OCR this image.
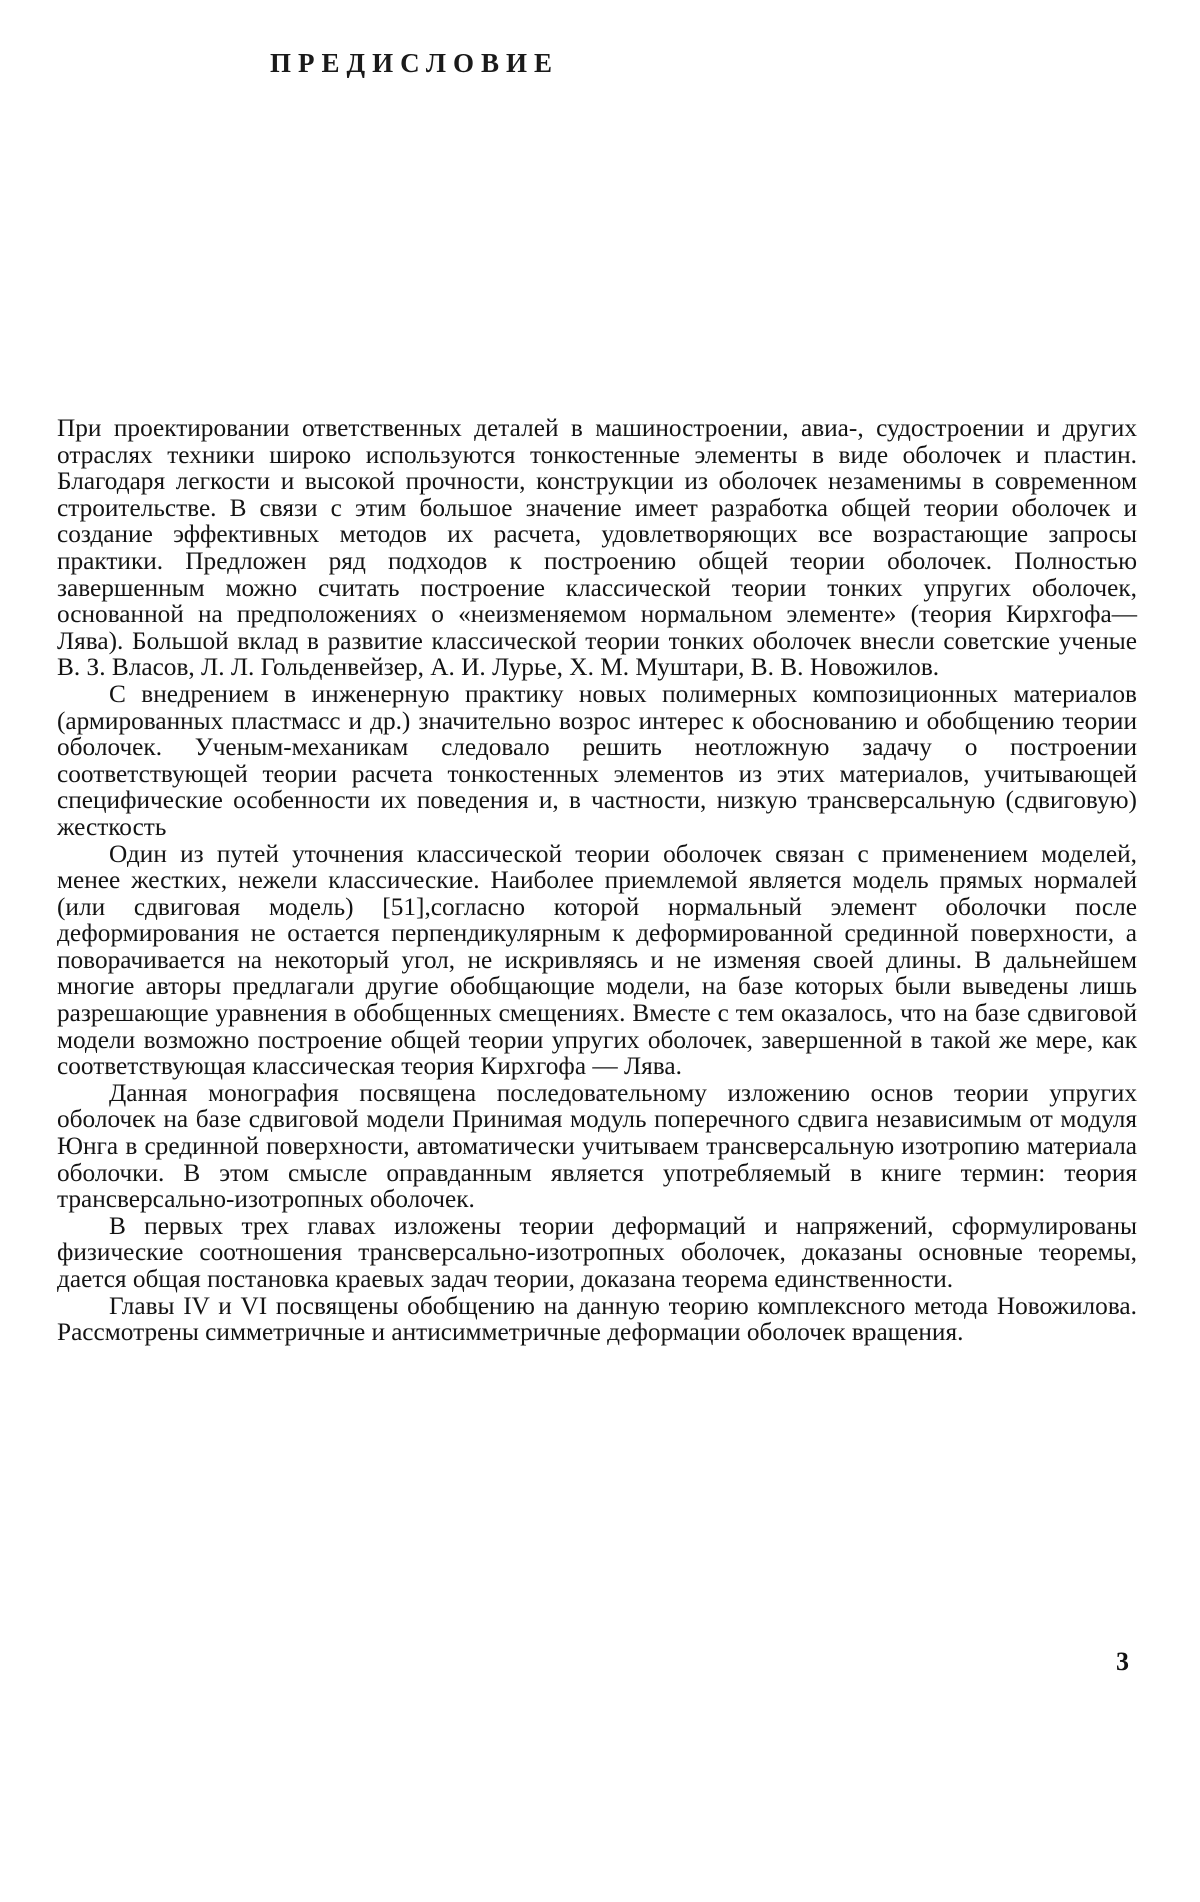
ПРЕДИСЛОВИЕ

При проектировании ответственных деталей в машиностроении, авиа-, судостроении и других отраслях техники широко используются тонкостенные элементы в виде оболочек и пластин. Благодаря легкости и высокой прочности, конструкции из оболочек незаменимы в современном строительстве. В связи с этим большое значение имеет разработка общей теории оболочек и создание эффективных методов их расчета, удовлетворяющих все возрастающие запросы практики. Предложен ряд подходов к построению общей теории оболочек. Полностью завершенным можно считать построение классической теории тонких упругих оболочек, основанной на предположениях о «неизменяемом нормальном элементе» (теория Кирхгофа—Лява). Большой вклад в развитие классической теории тонких оболочек внесли советские ученые В. З. Власов, Л. Л. Гольденвейзер, А. И. Лурье, Х. М. Муштари, В. В. Новожилов.

С внедрением в инженерную практику новых полимерных композиционных материалов (армированных пластмасс и др.) значительно возрос интерес к обоснованию и обобщению теории оболочек. Ученым-механикам следовало решить неотложную задачу о построении соответствующей теории расчета тонкостенных элементов из этих материалов, учитывающей специфические особенности их поведения и, в частности, низкую трансверсальную (сдвиговую) жесткость

Один из путей уточнения классической теории оболочек связан с применением моделей, менее жестких, нежели классические. Наиболее приемлемой является модель прямых нормалей (или сдвиговая модель) [51],согласно которой нормальный элемент оболочки после деформирования не остается перпендикулярным к деформированной срединной поверхности, а поворачивается на некоторый угол, не искривляясь и не изменяя своей длины. В дальнейшем многие авторы предлагали другие обобщающие модели, на базе которых были выведены лишь разрешающие уравнения в обобщенных смещениях. Вместе с тем оказалось, что на базе сдвиговой модели возможно построение общей теории упругих оболочек, завершенной в такой же мере, как соответствующая классическая теория Кирхгофа — Лява.

Данная монография посвящена последовательному изложению основ теории упругих оболочек на базе сдвиговой модели Принимая модуль поперечного сдвига независимым от модуля Юнга в срединной поверхности, автоматически учитываем трансверсальную изотропию материала оболочки. В этом смысле оправданным является употребляемый в книге термин: теория трансверсально-изотропных оболочек.

В первых трех главах изложены теории деформаций и напряжений, сформулированы физические соотношения трансверсально-изотропных оболочек, доказаны основные теоремы, дается общая постановка краевых задач теории, доказана теорема единственности.

Главы IV и VI посвящены обобщению на данную теорию комплексного метода Новожилова. Рассмотрены симметричные и антисимметричные деформации оболочек вращения.

3
